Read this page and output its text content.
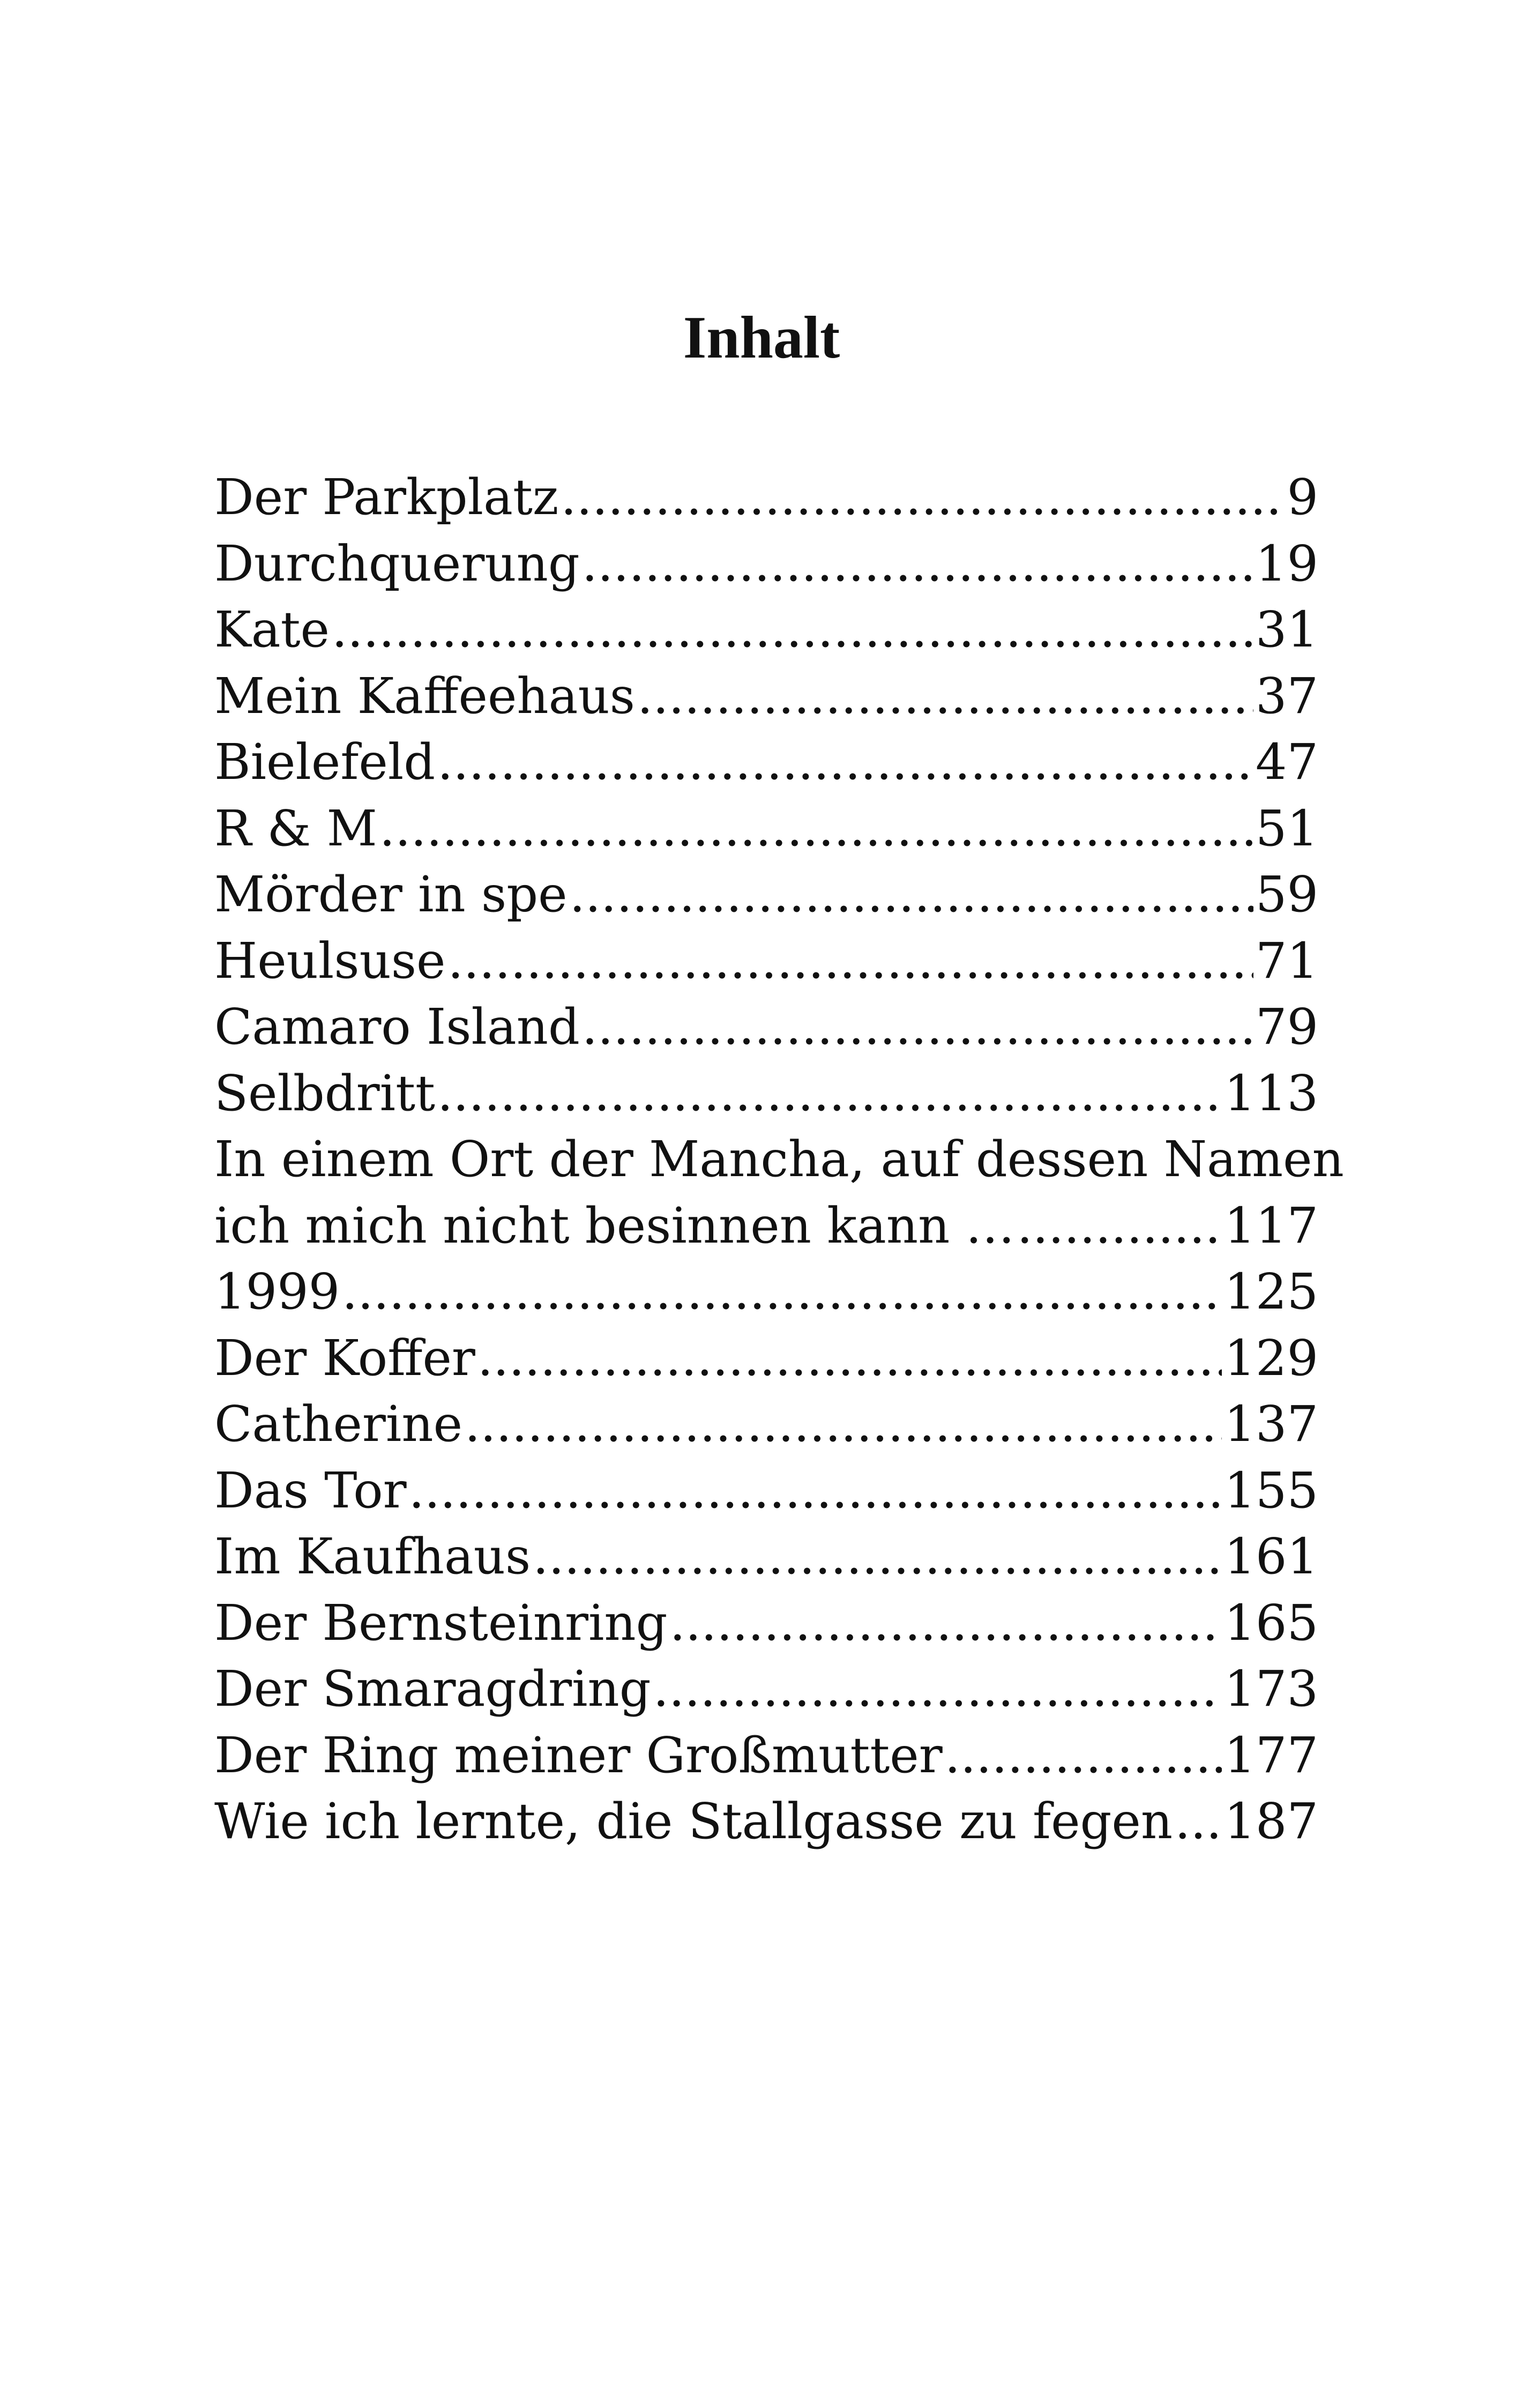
Inhalt
Der Parkplatz .....	9
Durchquerung .....	19
Kate .....	31
Mein Kaffeehaus .....	37
Bielefeld .....	47
R & M .....	51
Mörder in spe .....	59
Heulsuse .....	71
Camaro Island .....	79
Selbdritt .....	113
In einem Ort der Mancha, auf dessen Namen
ich mich nicht besinnen kann … .....	117
1999 .....	125
Der Koffer .....	129
Catherine .....	137
Das Tor .....	155
Im Kaufhaus .....	161
Der Bernsteinring .....	165
Der Smaragdring .....	173
Der Ring meiner Großmutter .....	177
Wie ich lernte, die Stallgasse zu fegen ..... 187
